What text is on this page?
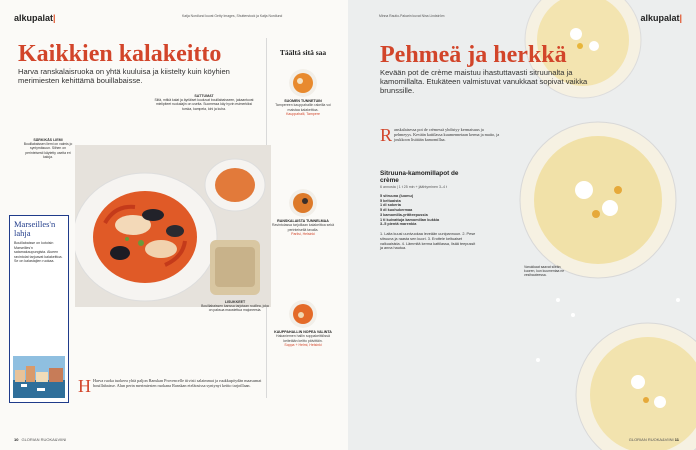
alkupalat|	Katja Nordlund kuvat Getty Images, Shutterstock ja Katja Nordlund
Kaikkien kalakeitto

Harva ranskalaisruoka on yhtä kuuluisa ja kiistelty kuin köyhien merimiesten kehittämä bouillabaisse.

SATTUMAT
Siitä, mitkä kalat ja äyriäiset kuuluvat bouillabaisseen, jakaantuvat mielipiteet ruokalajin on useita. Suomessa käy hyvin esimerkiksi turska, kampela, lohi ja kuha.
SÄRKIKÄS LIEMI
Bouillabaissen liemi on valmis jo syntymäsuun. Siihen on perinteisesti käytetty useita eri kaloja.
LISUKKEET
Bouillabaissen kanssa tarjotaan rouillea, joka on paksua maustettua majoneesia.
Marseilles'n lahja
Bouillabaisse on kotoisin Marseilles'n satamakaupungista. Alueen ravintolat tarjoavat kalakeittoa. Se on kalastajien ruokaa.
H Harva ruoka tuokeea yhtä paljon Ranskan Provencelle tiivisti salaimmat ja ruukkupöydän maasumat bouillabaisse. Alun perin merimiesten ruokana Ranskan eteläosissa syntynyt keitto tarjoillaan.
Täältä sitä saa
SUOMEN TUNNETUIN
Tampereen kauppahallin rakeilla voi maistaa kalakeittoa.
Kauppahalli, Tampere
RANSKALAISTA TUNNELMAA
Ravintolassa tarjoillaan kalakeittoa sekä perinteisellä tavalla.
Pariisi, Helsinki
KAUPPAHALLIN NOPEA VALINTA
Hakaniemen hallin soppakeittiössä keitetään keitto päivittäin.
Soppa + Helmi, Helsinki
10 GLORIAN RUOKA&VIINI
Minna Rautio-Pakarin kuvat Nina Lindström	alkupalat|
Pehmeä ja herkkä

Kevään pot de crème maistuu ihastuttavasti sitruunalta ja kamomillalta. Etukäteen valmistuvat vanukkaat sopivat vaikka brunssille.

R anskalaisessa pot de crèmessä yhdistyy kermaisuus ja pehmeyys. Kevään kattilassa kuumennetaan kerma ja maito, ja joukkoon lisätään kamomillaa.
Sitruuna-kamomillapot de crème
6 annosta | 1 t 25 min + jäähtyminen 3–4 t
5 sitruuna (luomu)
5 keltuaista
1 dl sokeria
5 dl kuohukermaa
3 kamomilla-yrttiteepussia
1 tl kuivattuja kamomillan kukkia
3–5 pientä marenkia
1. Laita kuusi uunivuokaa leveään uunipannuun. 2. Pese sitruuna ja raasta sen kuori. 3. Erottele keltuaiset valkuaisista. 4. Lämmitä kerma kattilassa, lisää teepussit ja anna hautua.
Vanukkaat saavat sileän kuoren, kun kuumentaa ne vesihauteessa.
GLORIAN RUOKA&VIINI 11
